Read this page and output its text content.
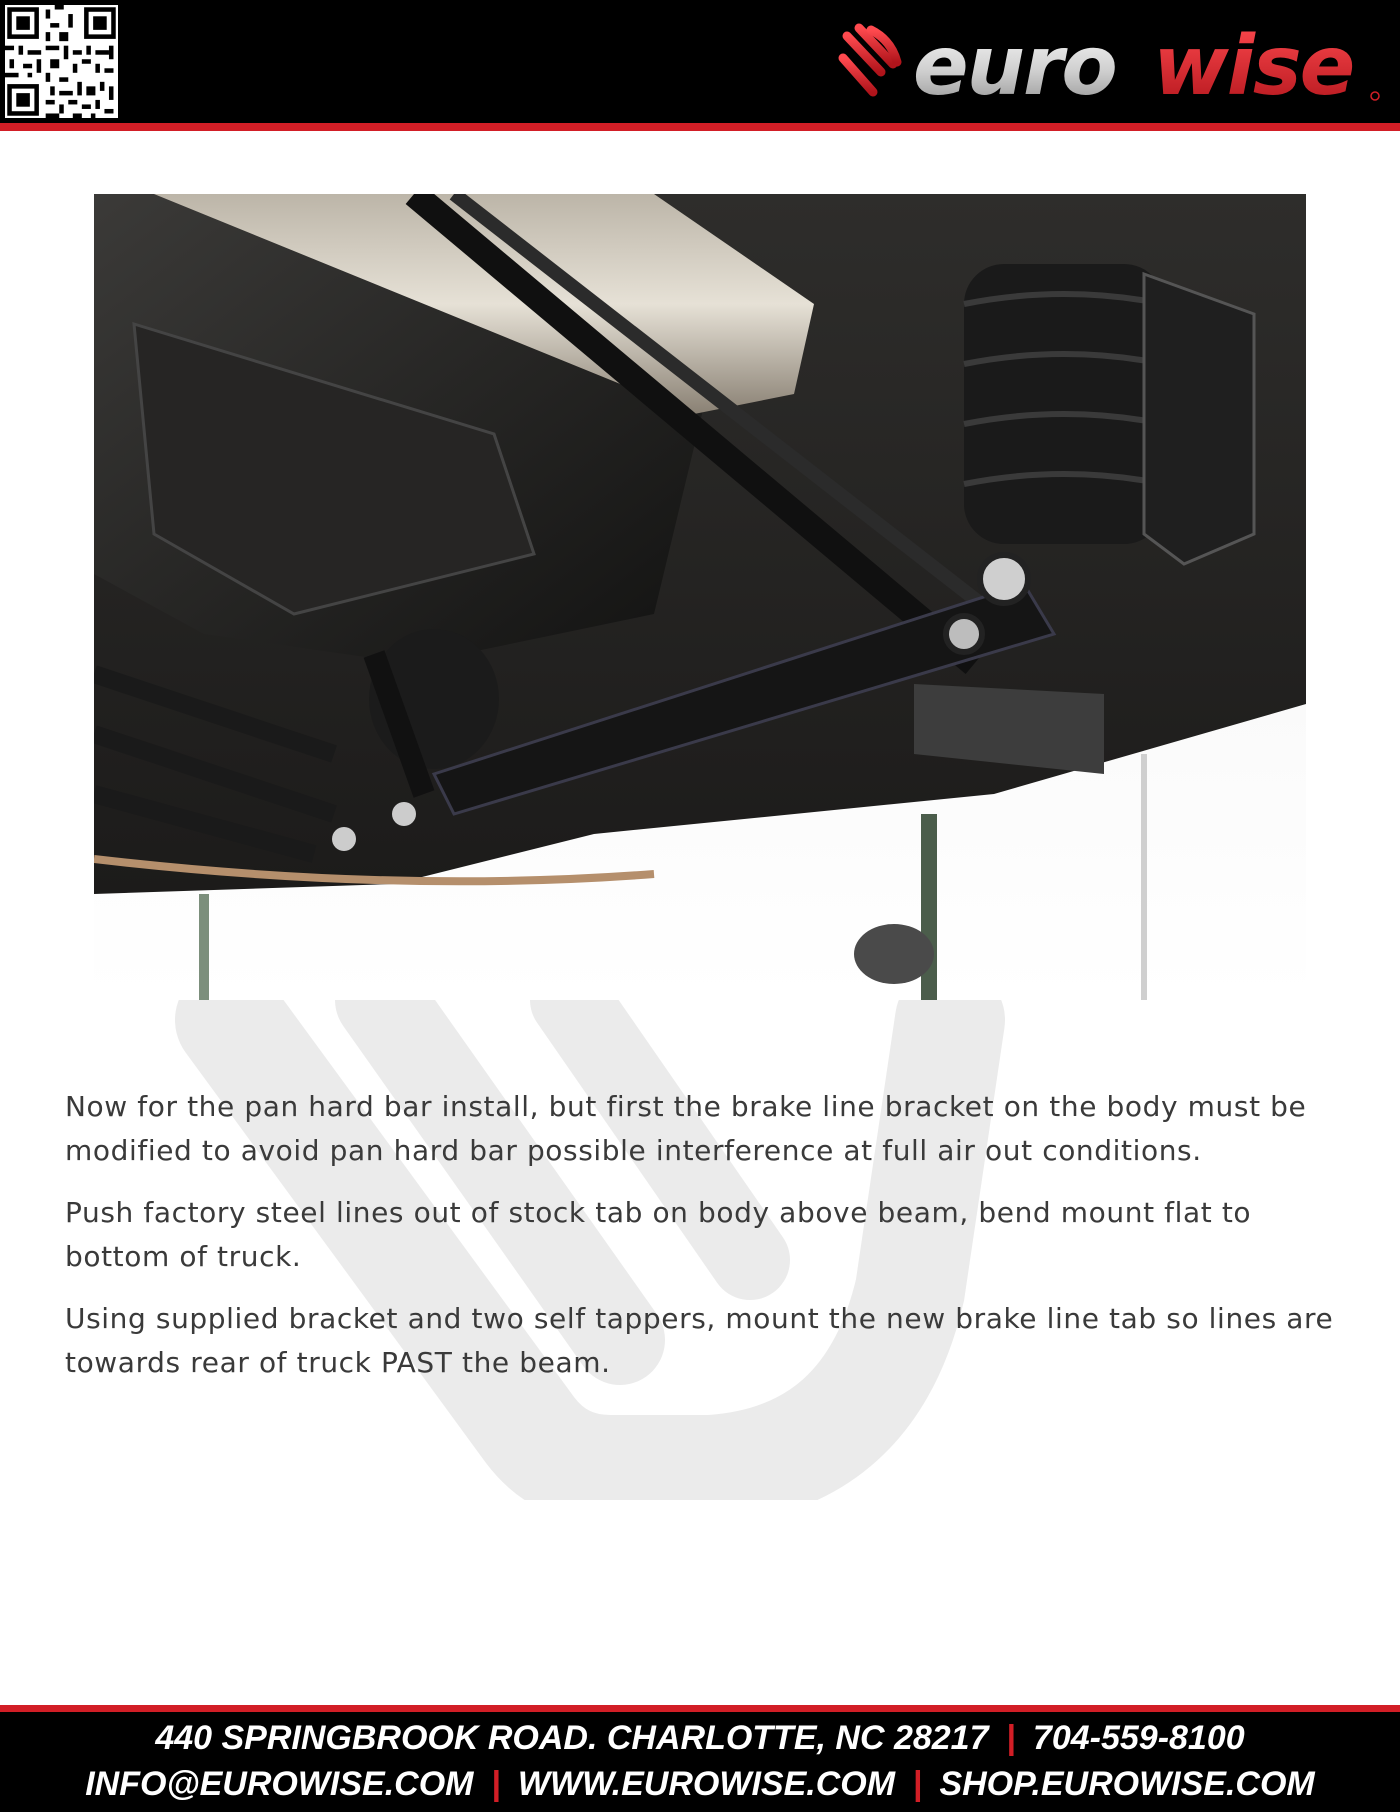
euro wise

Now for the pan hard bar install, but first the brake line bracket on the body must be modified to avoid pan hard bar possible interference at full air out conditions.

Push factory steel lines out of stock tab on body above beam, bend mount flat to bottom of truck.

Using supplied bracket and two self tappers, mount the new brake line tab so lines are towards rear of truck PAST the beam.

440 SPRINGBROOK ROAD. CHARLOTTE, NC 28217 | 704-559-8100
INFO@EUROWISE.COM | WWW.EUROWISE.COM | SHOP.EUROWISE.COM
